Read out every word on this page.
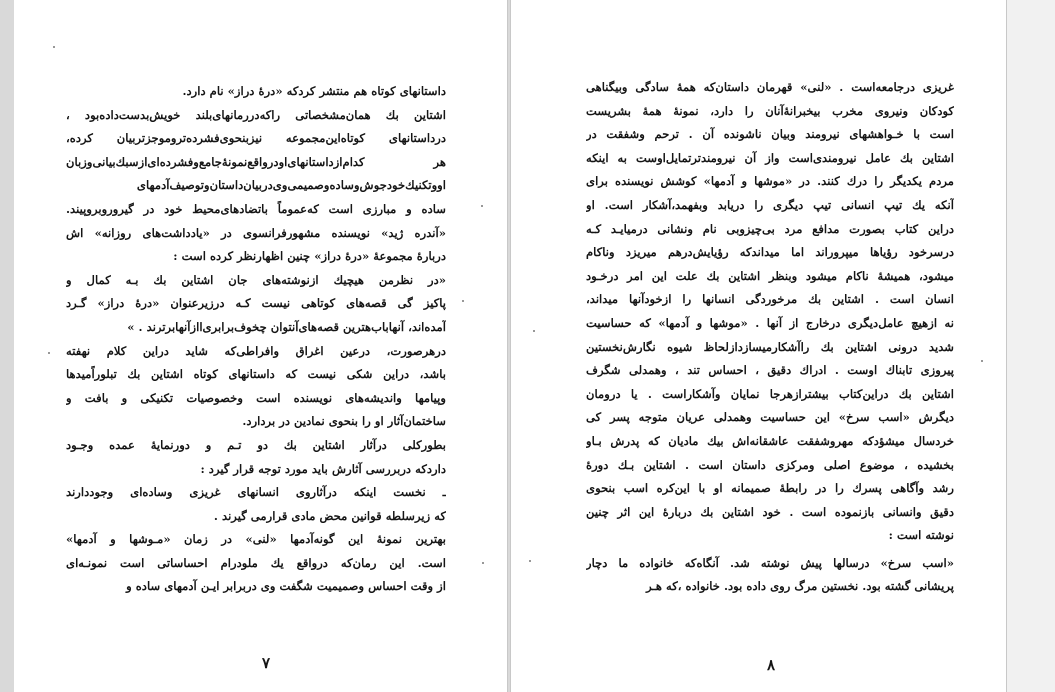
داستانهای کوتاه هم منتشر کردکه «درهٔ دراز» نام دارد.
اشتاین بك همان‌مشخصاتی را‌که‌در‌رمانهای‌بلند خویش‌بدست‌داده‌بود ،
درداستانهای کوتاه‌این‌مجموعه نیز‌بنحوی‌فشرده‌ترو‌موجزتر‌بیان کرده،
هر کدام‌ازداستانهای‌او‌در‌واقع‌نمونهٔ‌جامع‌وفشرده‌ای‌از‌سبك‌بیانی‌وزبان
او‌وتکنیك‌خود‌جوش‌وساده‌وصمیمی‌وی‌دربیان‌داستان‌وتوصیف‌آدمهای
ساده و مبارزی است که‌عموماً باتضادهای‌محیط خود در گیرو‌رو‌بروپیند.
«آندره ژید» نویسنده مشهورفرانسوی در «یادداشت‌های روزانه» اش
دربارهٔ مجموعهٔ «درهٔ دراز» چنین اظهارنظر کرده است :
«در نظرمن هیچیك از‌نوشته‌های جان اشتاین بك بـه کمال و
پاکیز گی قصه‌های کوتاهی نیست کـه درزیرعنوان «درهٔ دراز» گـرد
آمده‌اند، آنهاباب‌هترین قصه‌های‌آنتوان چخوف‌برابری‌ااز‌آنهابرترند . »
درهرصورت، درعین اغراق وافراطی‌که شاید دراین کلام نهفته
باشد، دراین شکی نیست که داستانهای کوتاه اشتاین بك تبلوراًمیدها
وپیامها واندیشه‌های نویسنده است وخصوصیات تکنیکی و بافت و
ساختمان‌آثار او را بنحوی نمادین در بردارد.
بطورکلی درآثار اشتاین بك دو تـم و دورنمایهٔ عمده وجـود
داردکه دربررسی آثارش باید مورد توجه قرار گیرد :
ـ نخست اینکه درآثاروی انسانهای غریزی وساده‌ای وجوددارند
که زیرسلطه قوانین محض مادی قرارمی گیرند .
بهترین نمونهٔ این گونه‌آدمها «لنی» در زمان «مـوشها و آدمها»
است. این رمان‌که درواقع یك ملودرام احساساتی است نمونـه‌ای
از وقت احساس وصمیمیت شگفت وی دربرابر ایـن آدمهای ساده و
۷
غریزی درجامعه‌است . «لنی» قهرمان داستان‌که همهٔ سادگی وبیگناهی
کودکان ونیروی مخرب بیخبرانهٔ‌آنان را دارد، نمونهٔ همهٔ بشریست
است با خـواهشهای نیرومند وبیان ناشونده آن . ترحم وشفقت در
اشتاین بك عامل نیرومندی‌است واز آن نیرومندتر‌تمایل‌اوست به اینکه
مردم یکدیگر را درك کنند. در «موشها و آدمها» کوشش نویسنده برای
آنکه یك تیپ انسانی تیپ دیگری را دریابد وبفهمد،آشکار است. او
دراین کتاب بصورت مدافع مرد بی‌چیزوبی نام ونشانی درمیایـد کـه
درسرخود رؤیاها میپروراند اما میداندکه رؤیایش‌درهم میریزد وناکام
میشود، همیشهٔ ناکام میشود وبنظر اشتاین بك علت این امر درخـود
انسان است . اشتاین بك مرخوردگی انسانها را از‌خود‌آنها میداند،
نه ازهیچ عامل‌دیگری درخارج از آنها . «موشها و آدمها» که حساسیت
شدید درونی اشتاین بك را‌آشکار‌میسازد‌از‌لحاظ شیوه نگارش‌نخستین
پیروزی تابناك اوست . ادراك دقیق ، احساس تند ، وهمدلی شگرف
اشتاین بك دراین‌کتاب بیشترازهرجا نمایان و‌آشکاراست . یا درومان
دیگرش «اسب سرخ» این حساسیت وهمدلی عریان متوجه پسر کی
خردسال میشؤدکه مهروشفقت عاشقانه‌اش بیك مادیان که پدرش بـاو
بخشیده ، موضوع اصلی ومرکزی داستان است . اشتاین بـك دورهٔ
رشد وآگاهی پسرك را در رابطهٔ صمیمانه او با این‌کره اسب بنحوی
دقیق وانسانی بازنموده است . خود اشتاین بك دربارهٔ این اثر چنین
نوشته است :
«اسب سرخ» درسالها پیش نوشته شد. آنگاه‌که خانواده ما دچار
پریشانی گشته بود. نخستین مرگ روی داده بود. خانواده ،که هـر
۸
